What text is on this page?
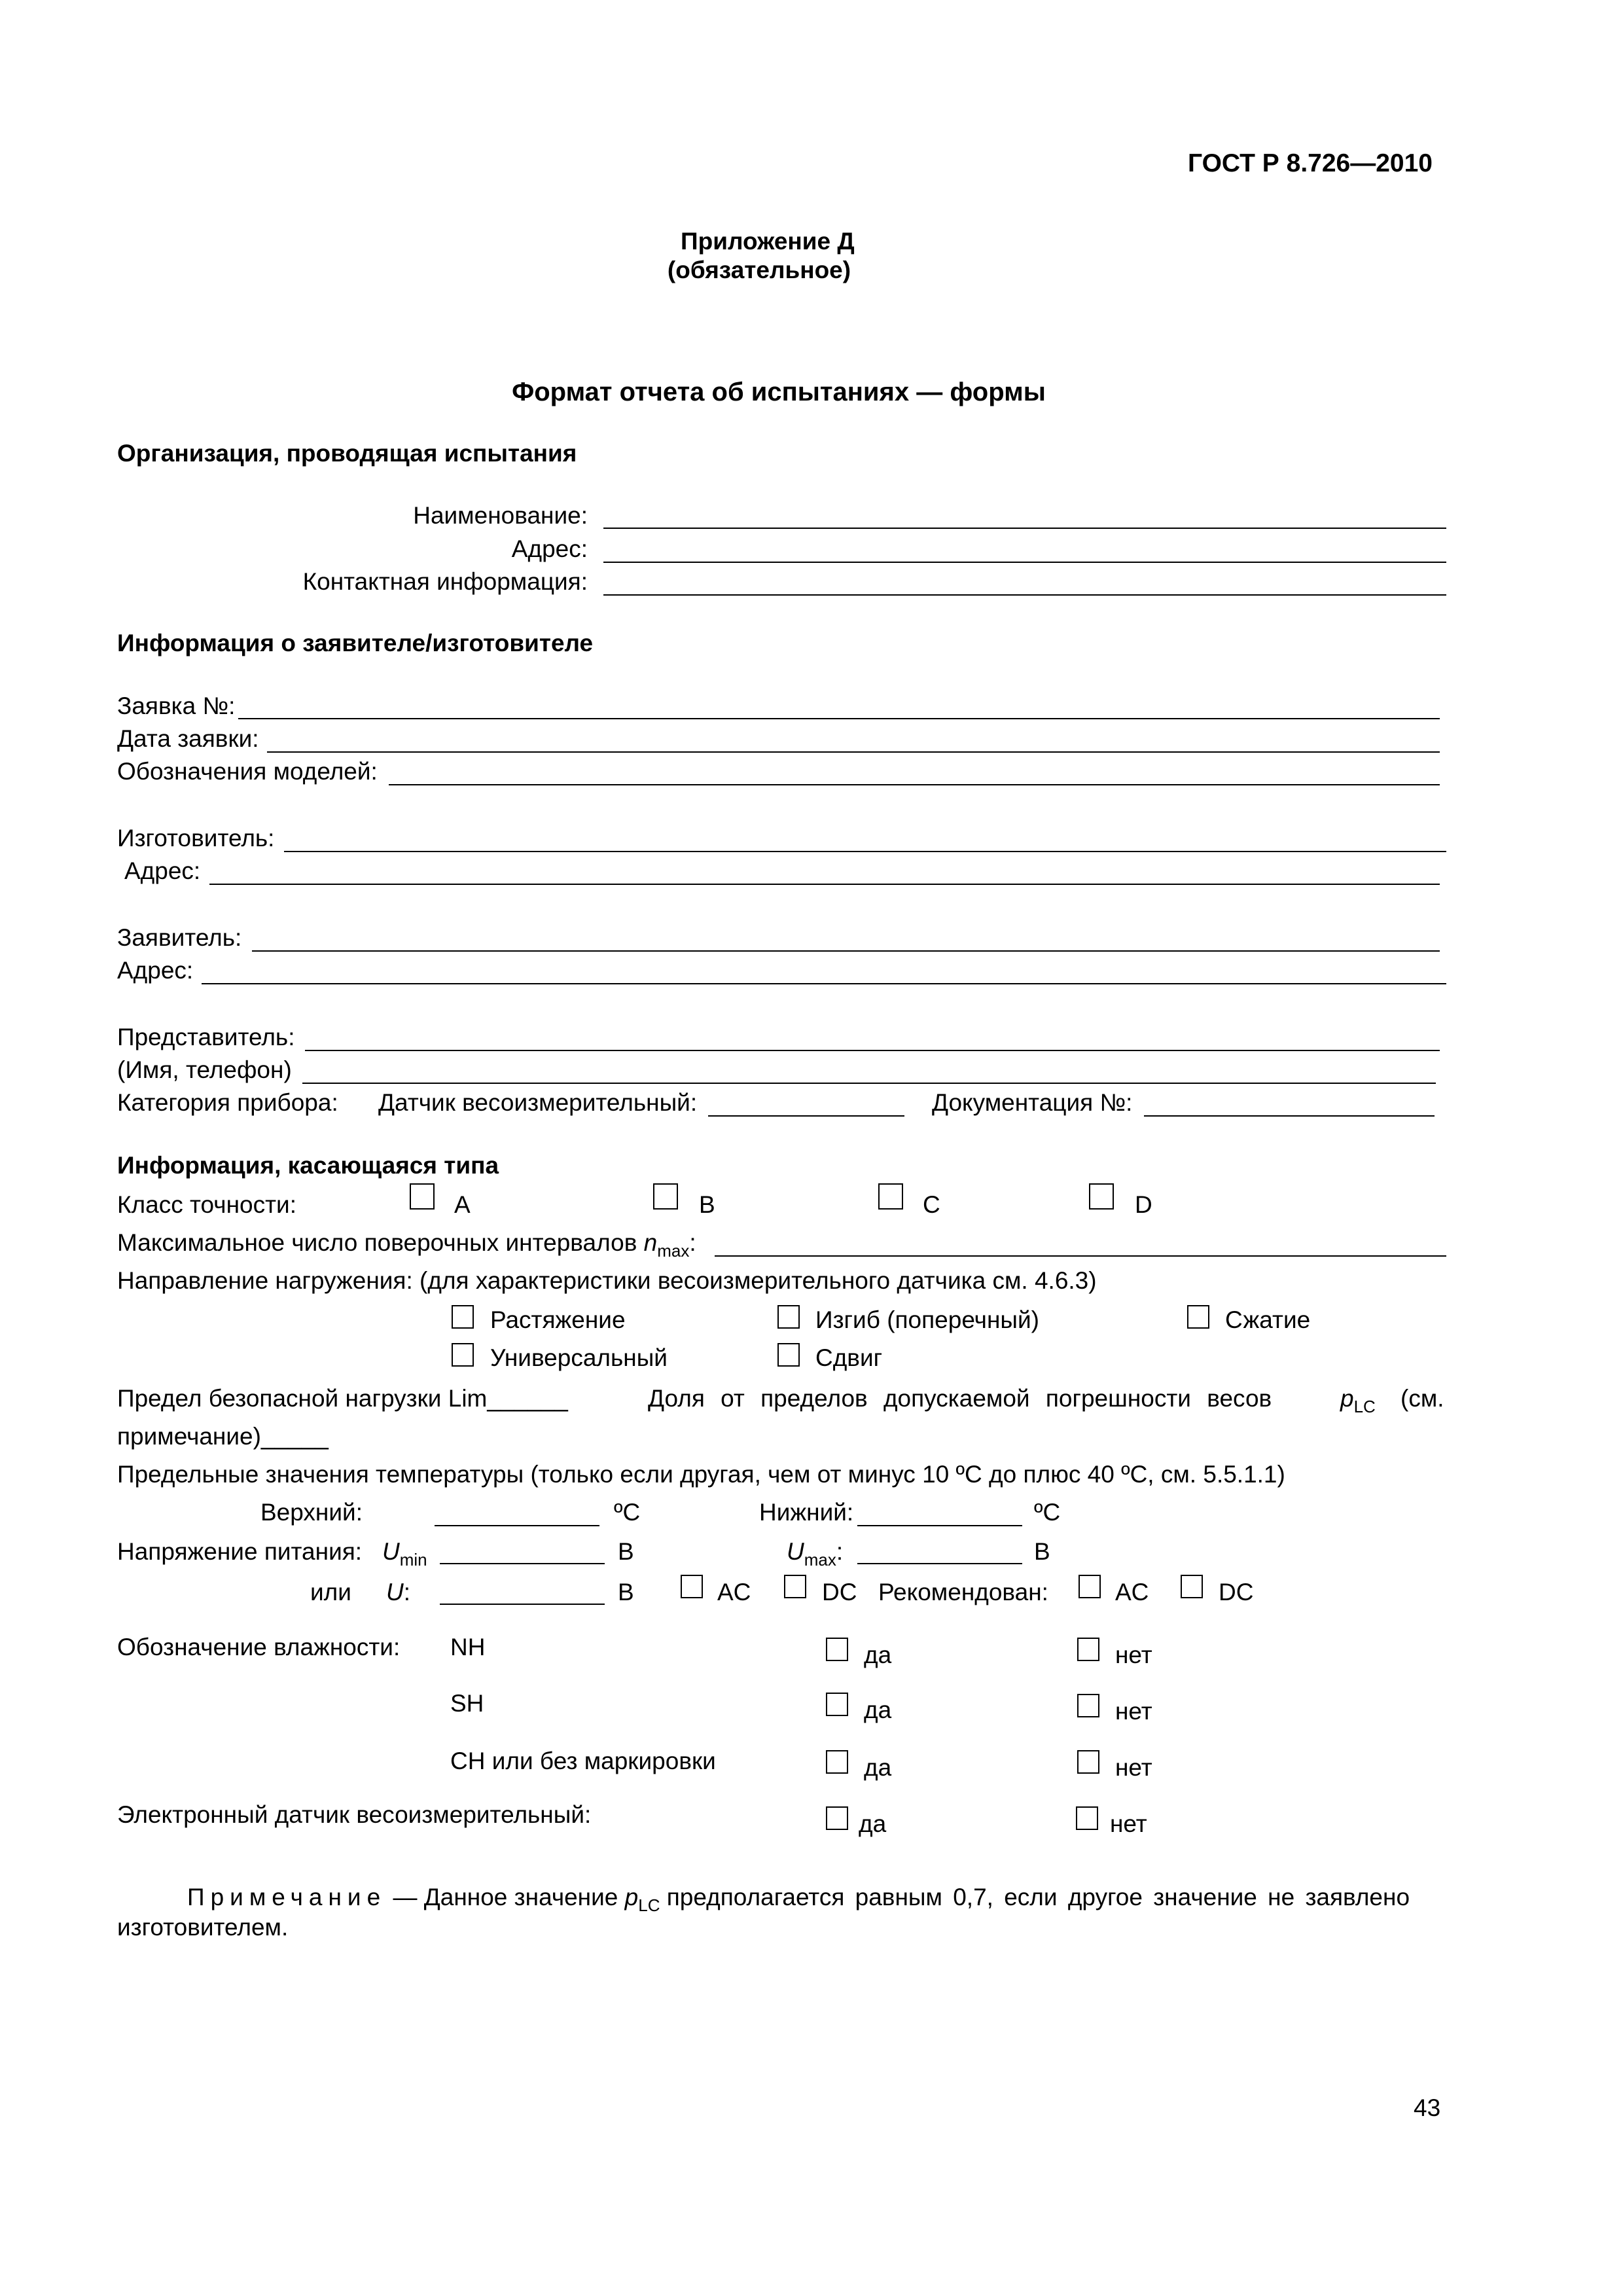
ГОСТ Р 8.726—2010
Приложение Д
(обязательное)
Формат отчета об испытаниях — формы
Организация, проводящая испытания
Наименование:
Адрес:
Контактная информация:
Информация о заявителе/изготовителе
Заявка №:
Дата заявки:
Обозначения моделей:
Изготовитель:
Адрес:
Заявитель:
Адрес:
Представитель:
(Имя, телефон)
Категория прибора: Датчик весоизмерительный:	Документация №:
Информация, касающаяся типа
Класс точности:	A	B	C	D
Максимальное число поверочных интервалов $n_{max}$:
Направление нагружения: (для характеристики весоизмерительного датчика см. 4.6.3)
Растяжение	Изгиб (поперечный)	Сжатие
Универсальный	Сдвиг
Предел безопасной нагрузки Lim______	Доля от пределов допускаемой погрешности весов	$p_{LC}$ (см.
примечание)_____
Предельные значения температуры (только если другая, чем от минус 10 ºС до плюс 40 ºС, см. 5.5.1.1)
Верхний:	ºС	Нижний:	ºС
Напряжение питания: $U_{min}$	В	$U_{max}$:	В
или U:	В	AC	DC Рекомендован:	AC	DC
Обозначение влажности: NH	да	нет
SH	да	нет
CH или без маркировки	да	нет
Электронный датчик весоизмерительный:	да	нет
Примечание — Данное значение $p_{LC}$ предполагается равным 0,7, если другое значение не заявлено
изготовителем.
43
